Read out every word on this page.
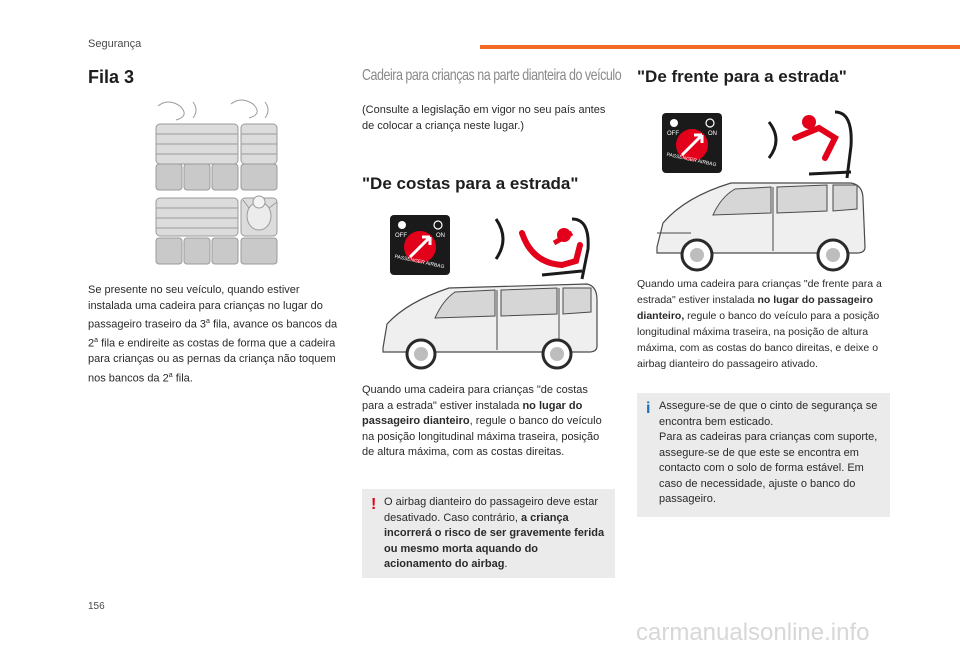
Segurança
Fila 3

Se presente no seu veículo, quando estiver instalada uma cadeira para crianças no lugar do passageiro traseiro da 3$^a$ fila, avance os bancos da 2$^a$ fila e endireite as costas de forma que a cadeira para crianças ou as pernas da criança não toquem nos bancos da 2$^a$ fila.

Cadeira para crianças na parte dianteira do veículo

(Consulte a legislação em vigor no seu país antes de colocar a criança neste lugar.)

"De costas para a estrada"
OFF	ON
PASSENGER AIRBAG

Quando uma cadeira para crianças "de costas para a estrada" estiver instalada no lugar do passageiro dianteiro, regule o banco do veículo na posição longitudinal máxima traseira, posição de altura máxima, com as costas direitas.

! O airbag dianteiro do passageiro deve estar desativado. Caso contrário, a criança incorrerá o risco de ser gravemente ferida ou mesmo morta aquando do acionamento do airbag.
"De frente para a estrada"
OFF	ON
PASSENGER AIRBAG

Quando uma cadeira para crianças "de frente para a estrada" estiver instalada no lugar do passageiro dianteiro, regule o banco do veículo para a posição longitudinal máxima traseira, na posição de altura máxima, com as costas do banco direitas, e deixe o airbag dianteiro do passageiro ativado.

i Assegure-se de que o cinto de segurança se encontra bem esticado.
Para as cadeiras para crianças com suporte, assegure-se de que este se encontra em contacto com o solo de forma estável. Em caso de necessidade, ajuste o banco do passageiro.
156
carmanualsonline.info
